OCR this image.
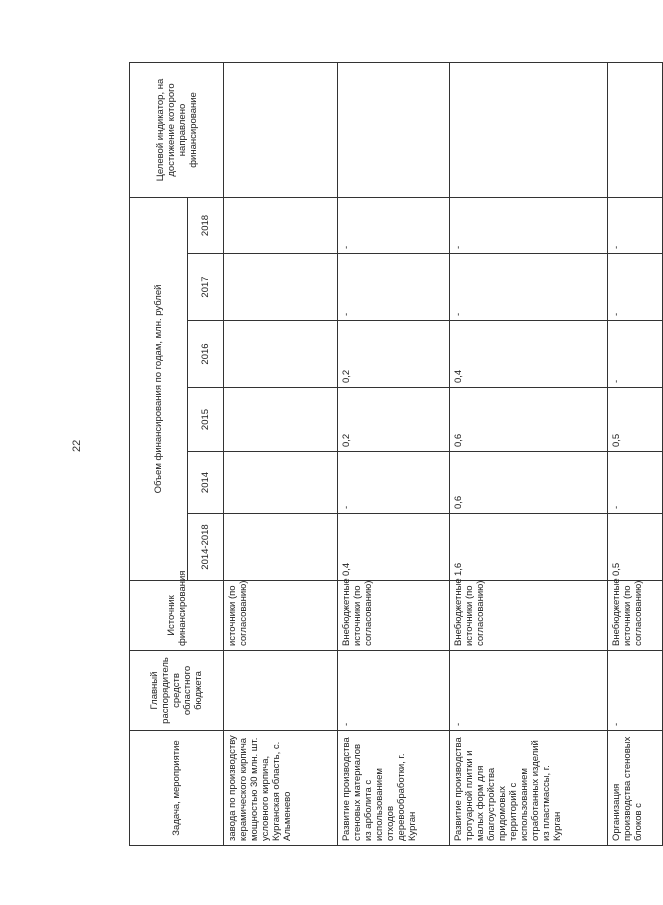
22
Задача, мероприятие	Главный распорядитель средств областного бюджета	Источник финансирования	Объем финансирования по годам, млн. рублей						Целевой индикатор, на достижение которого направлено финансирование
			2014-2018	2014	2015	2016	2017	2018	
завода по производству керамического кирпича мощностью 30 млн. шт. условного кирпича, Курганская область, с. Альменево		источники (по согласованию)							
Развитие производства стеновых материалов из арболита с использованием отходов деревообработки, г. Курган	-	Внебюджетные источники (по согласованию)	0,4	-	0,2	0,2	-	-	
Развитие производства тротуарной плитки и малых форм для благоустройства придомовых территорий с использованием отработанных изделий из пластмассы, г. Курган	-	Внебюджетные источники (по согласованию)	1,6	0,6	0,6	0,4	-	-	
Организация производства стеновых блоков с	-	Внебюджетные источники (по согласованию)	0,5	-	0,5	-	-	-	
